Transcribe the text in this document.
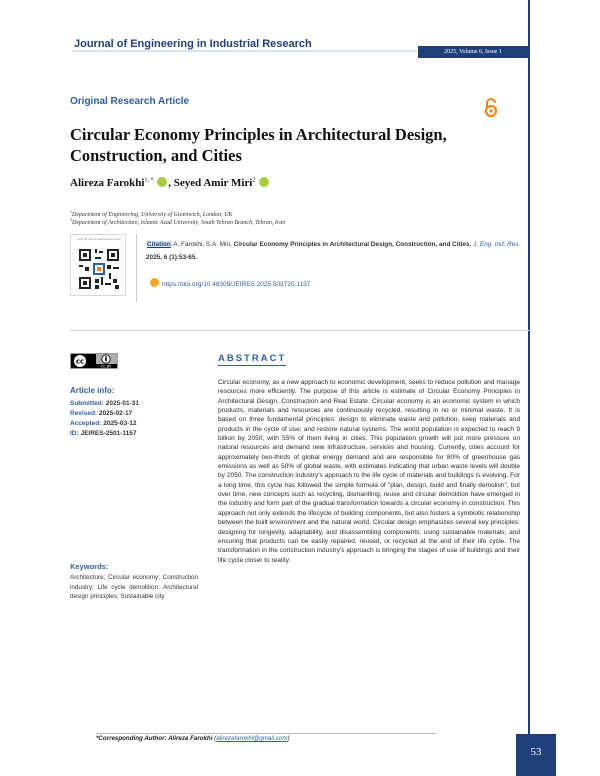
Journal of Engineering in Industrial Research
2025, Volume 6, Issue 1
Original Research Article
Circular Economy Principles in Architectural Design, Construction, and Cities
Alireza Farokhi$^{1, *}$ , Seyed Amir Miri$^2$
$^1$Department of Engineering, University of Greenwich, London, UK
$^2$Department of Architecture, Islamic Azad University, South Tehran Branch, Tehran, Iran
Scan QR code to view the article online
Citation A. Farokhi, S.A. Miri, Circular Economy Principles in Architectural Design, Construction, and Cities. J. Eng. Ind. Res. 2025, 6 (1):53-65.
https://doi.org/10.48309/JEIRES.2025.503720.1157
cc
CC BY
Article info:
Submitted: 2025-01-31
Revised: 2025-02-17
Accepted: 2025-03-12
ID: JEIRES-2501-1157
Keywords:
Architecture; Circular economy; Construction industry; Life cycle demolition; Architectural design principles; Sustainable city
ABSTRACT
Circular economy, as a new approach to economic development, seeks to reduce pollution and manage resources more efficiently. The purpose of this article is estimate of Circular Economy Principles in Architectural Design, Construction and Real Estate. Circular economy is an economic system in which products, materials and resources are continuously recycled, resulting in no or minimal waste. It is based on three fundamental principles: design to eliminate waste and pollution; keep materials and products in the cycle of use; and restore natural systems. The world population is expected to reach 9 billion by 2050, with 55% of them living in cities. This population growth will put more pressure on natural resources and demand new infrastructure, services and housing. Currently, cities account for approximately two-thirds of global energy demand and are responsible for 80% of greenhouse gas emissions as well as 50% of global waste, with estimates indicating that urban waste levels will double by 2050. The construction industry's approach to the life cycle of materials and buildings is evolving. For a long time, this cycle has followed the simple formula of "plan, design, build and finally demolish", but over time, new concepts such as recycling, dismantling, reuse and circular demolition have emerged in the industry and form part of the gradual transformation towards a circular economy in construction. This approach not only extends the lifecycle of building components, but also fosters a symbiotic relationship between the built environment and the natural world. Circular design emphasizes several key principles: designing for longevity, adaptability, and disassembling components; using sustainable materials; and ensuring that products can be easily repaired, reused, or recycled at the end of their life cycle. The transformation in the construction industry's approach is bringing the stages of use of buildings and their life cycle closer to reality.
*Corresponding Author: Alireza Farokhi (alirezafarokhi@gmail.com)
53
